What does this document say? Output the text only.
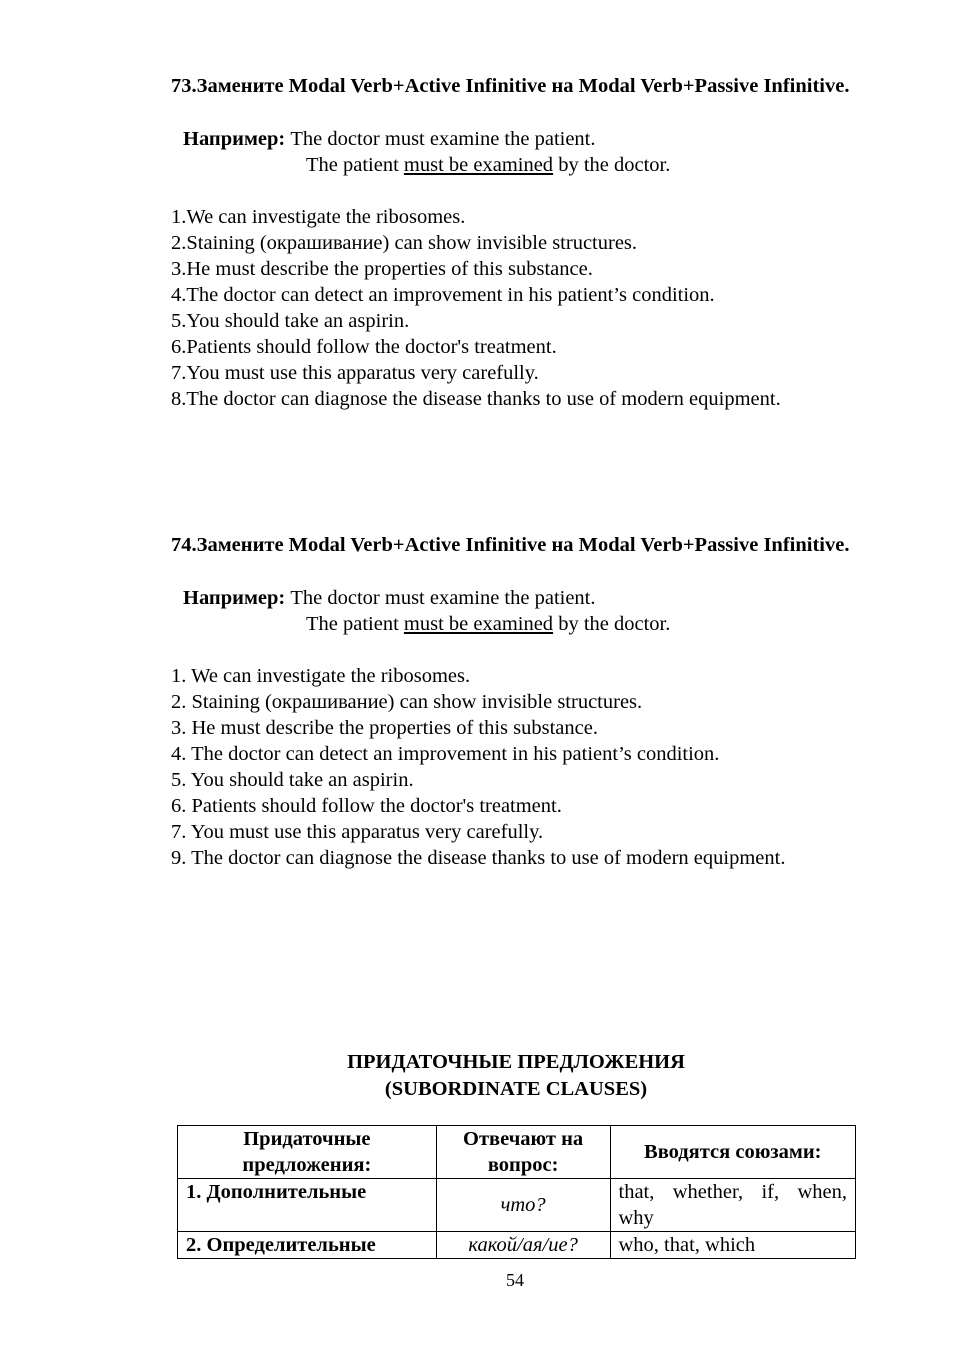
73.Замените Modal Verb+Active Infinitive на Modal Verb+Passive Infinitive.
Например: The doctor must examine the patient.
The patient must be examined by the doctor.
1.We can investigate the ribosomes.
2.Staining (окрашивание) can show invisible structures.
3.He must describe the properties of this substance.
4.The doctor can detect an improvement in his patient’s condition.
5.You should take an aspirin.
6.Patients should follow the doctor's treatment.
7.You must use this apparatus very carefully.
8.The doctor can diagnose the disease thanks to use of modern equipment.
74.Замените Modal Verb+Active Infinitive на Modal Verb+Passive Infinitive.
Например: The doctor must examine the patient.
The patient must be examined by the doctor.
1. We can investigate the ribosomes.
2. Staining (окрашивание) can show invisible structures.
3. He must describe the properties of this substance.
4. The doctor can detect an improvement in his patient’s condition.
5. You should take an aspirin.
6. Patients should follow the doctor's treatment.
7. You must use this apparatus very carefully.
9. The doctor can diagnose the disease thanks to use of modern equipment.
ПРИДАТОЧНЫЕ ПРЕДЛОЖЕНИЯ
(SUBORDINATE CLAUSES)
Придаточные предложения:	Отвечают на вопрос:	Вводятся союзами:
1. Дополнительные	что?	that, whether, if, when, why
2. Определительные	какой/ая/ие?	who, that, which
54
